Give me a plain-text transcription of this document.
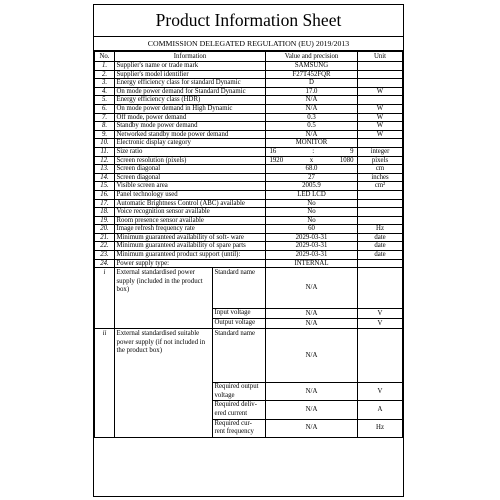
Product Information Sheet
COMMISSION DELEGATED REGULATION (EU) 2019/2013
No.	Information		Value and precision	Unit
1.	Supplier's name or trade mark		SAMSUNG	
2.	Supplier's model identifier		F27T452FQR	
3.	Energy efficiency class for standard Dynamic		D	
4.	On mode power demand for Standard Dynamic		17.0	W
5.	Energy efficiency class (HDR)		N/A	
6.	On mode power demand in High Dynamic		N/A	W
7.	Off mode, power demand		0.3	W
8.	Standby mode power demand		0.5	W
9.	Networked standby mode power demand		N/A	W
10.	Electronic display category		MONITOR	
11.	Size ratio		16 : 9	integer
12.	Screen resolution (pixels)		1920 x 1080	pixels
13.	Screen diagonal		68.0	cm
14.	Screen diagonal		27	inches
15.	Visible screen area		2005.9	cm²
16.	Panel technology used		LED LCD	
17.	Automatic Brightness Control (ABC) available		No	
18.	Voice recognition sensor available		No	
19.	Room presence sensor available		No	
20.	Image refresh frequency rate		60	Hz
21.	Minimum guaranteed availability of soft- ware		2029-03-31	date
22.	Minimum guaranteed availability of spare parts		2029-03-31	date
23.	Minimum guaranteed product support (until):		2029-03-31	date
24.	Power supply type:		INTERNAL	
i	External standardised power supply (included in the product box)	Standard name	N/A	
		Input voltage	N/A	V
		Output voltage	N/A	V
ii	External standardised suitable power supply (if not included in the product box)	Standard name	N/A	
		Required output voltage	N/A	V
		Required deliv- ered current	N/A	A
		Required cur- rent frequency	N/A	Hz
